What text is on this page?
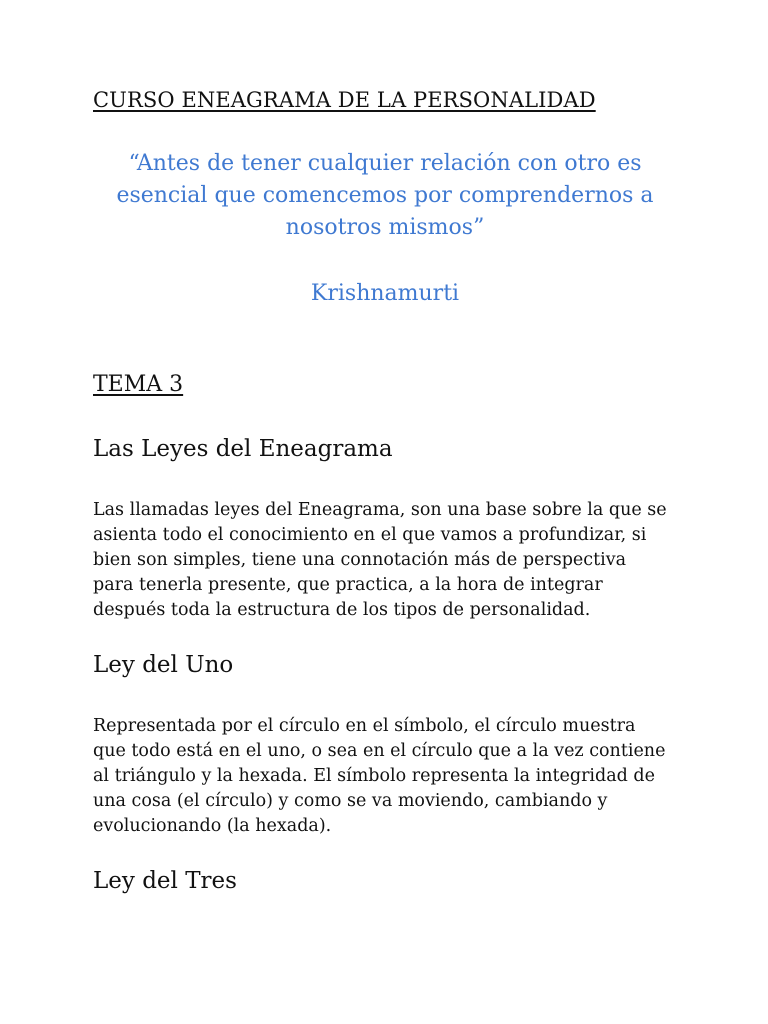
CURSO ENEAGRAMA DE LA PERSONALIDAD
“Antes de tener cualquier relación con otro es
esencial que comencemos por comprendernos a
nosotros mismos”
Krishnamurti
TEMA 3
Las Leyes del Eneagrama
Las llamadas leyes del Eneagrama, son una base sobre la que se
asienta todo el conocimiento en el que vamos a profundizar, si
bien son simples, tiene una connotación más de perspectiva
para tenerla presente, que practica, a la hora de integrar
después toda la estructura de los tipos de personalidad.
Ley del Uno
Representada por el círculo en el símbolo, el círculo muestra
que todo está en el uno, o sea en el círculo que a la vez contiene
al triángulo y la hexada. El símbolo representa la integridad de
una cosa (el círculo) y como se va moviendo, cambiando y
evolucionando (la hexada).
Ley del Tres
